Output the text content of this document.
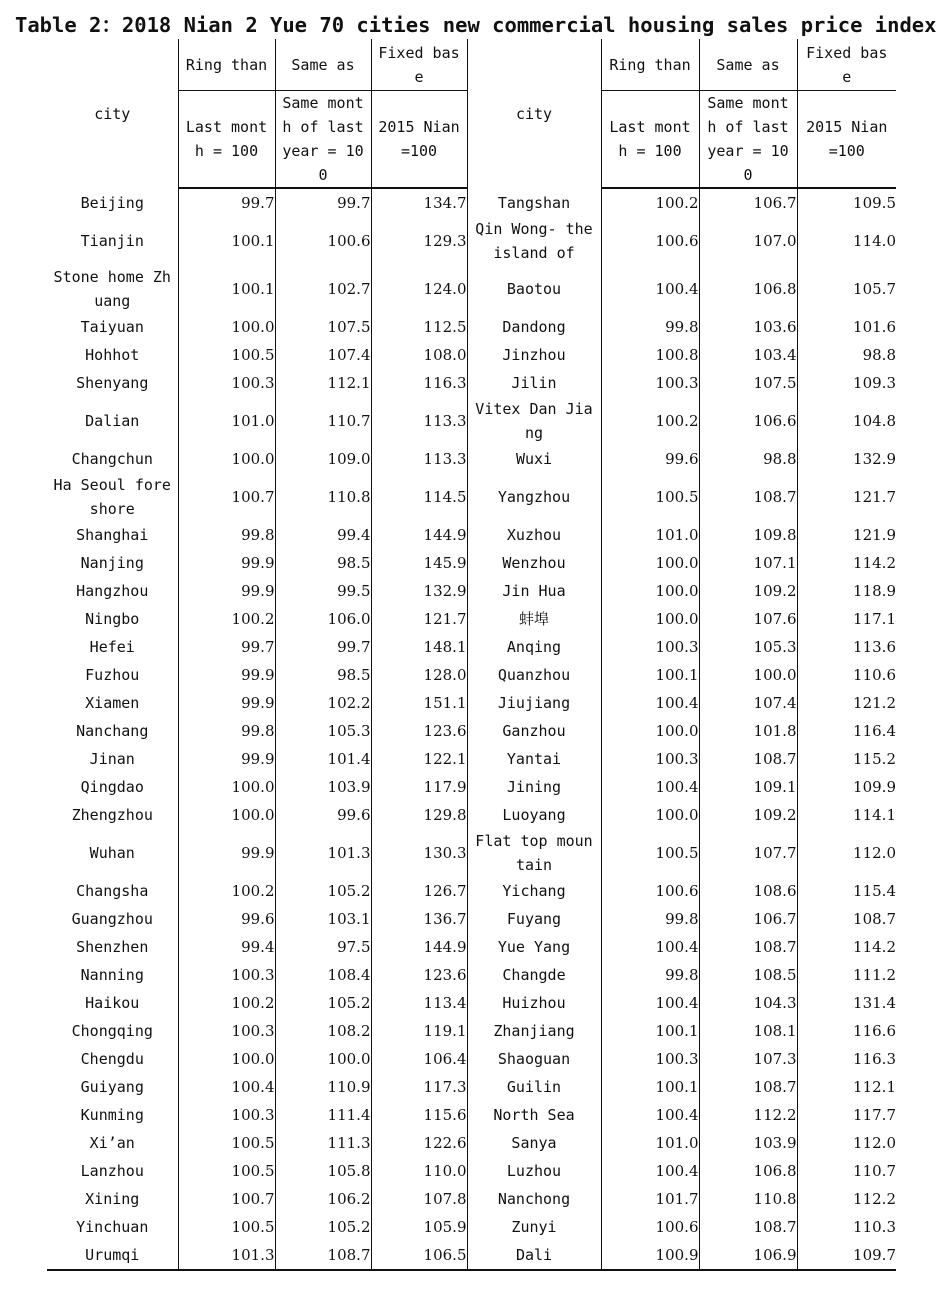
Table 2：2018 Nian 2 Yue 70 cities new commercial housing sales price index
city	Ring than	Same as	Fixed bas e	city	Ring than	Same as	Fixed bas e
	Last mont h = 100	Same mont h of last year = 10 0	2015 Nian =100		Last mont h = 100	Same mont h of last year = 10 0	2015 Nian =100
Beijing	99.7	99.7	134.7	Tangshan	100.2	106.7	109.5
Tianjin	100.1	100.6	129.3	Qin Wong- the island of	100.6	107.0	114.0
Stone home Zh uang	100.1	102.7	124.0	Baotou	100.4	106.8	105.7
Taiyuan	100.0	107.5	112.5	Dandong	99.8	103.6	101.6
Hohhot	100.5	107.4	108.0	Jinzhou	100.8	103.4	98.8
Shenyang	100.3	112.1	116.3	Jilin	100.3	107.5	109.3
Dalian	101.0	110.7	113.3	Vitex Dan Jia ng	100.2	106.6	104.8
Changchun	100.0	109.0	113.3	Wuxi	99.6	98.8	132.9
Ha Seoul fore shore	100.7	110.8	114.5	Yangzhou	100.5	108.7	121.7
Shanghai	99.8	99.4	144.9	Xuzhou	101.0	109.8	121.9
Nanjing	99.9	98.5	145.9	Wenzhou	100.0	107.1	114.2
Hangzhou	99.9	99.5	132.9	Jin Hua	100.0	109.2	118.9
Ningbo	100.2	106.0	121.7	蚌埠	100.0	107.6	117.1
Hefei	99.7	99.7	148.1	Anqing	100.3	105.3	113.6
Fuzhou	99.9	98.5	128.0	Quanzhou	100.1	100.0	110.6
Xiamen	99.9	102.2	151.1	Jiujiang	100.4	107.4	121.2
Nanchang	99.8	105.3	123.6	Ganzhou	100.0	101.8	116.4
Jinan	99.9	101.4	122.1	Yantai	100.3	108.7	115.2
Qingdao	100.0	103.9	117.9	Jining	100.4	109.1	109.9
Zhengzhou	100.0	99.6	129.8	Luoyang	100.0	109.2	114.1
Wuhan	99.9	101.3	130.3	Flat top moun tain	100.5	107.7	112.0
Changsha	100.2	105.2	126.7	Yichang	100.6	108.6	115.4
Guangzhou	99.6	103.1	136.7	Fuyang	99.8	106.7	108.7
Shenzhen	99.4	97.5	144.9	Yue Yang	100.4	108.7	114.2
Nanning	100.3	108.4	123.6	Changde	99.8	108.5	111.2
Haikou	100.2	105.2	113.4	Huizhou	100.4	104.3	131.4
Chongqing	100.3	108.2	119.1	Zhanjiang	100.1	108.1	116.6
Chengdu	100.0	100.0	106.4	Shaoguan	100.3	107.3	116.3
Guiyang	100.4	110.9	117.3	Guilin	100.1	108.7	112.1
Kunming	100.3	111.4	115.6	North Sea	100.4	112.2	117.7
Xi’an	100.5	111.3	122.6	Sanya	101.0	103.9	112.0
Lanzhou	100.5	105.8	110.0	Luzhou	100.4	106.8	110.7
Xining	100.7	106.2	107.8	Nanchong	101.7	110.8	112.2
Yinchuan	100.5	105.2	105.9	Zunyi	100.6	108.7	110.3
Urumqi	101.3	108.7	106.5	Dali	100.9	106.9	109.7
